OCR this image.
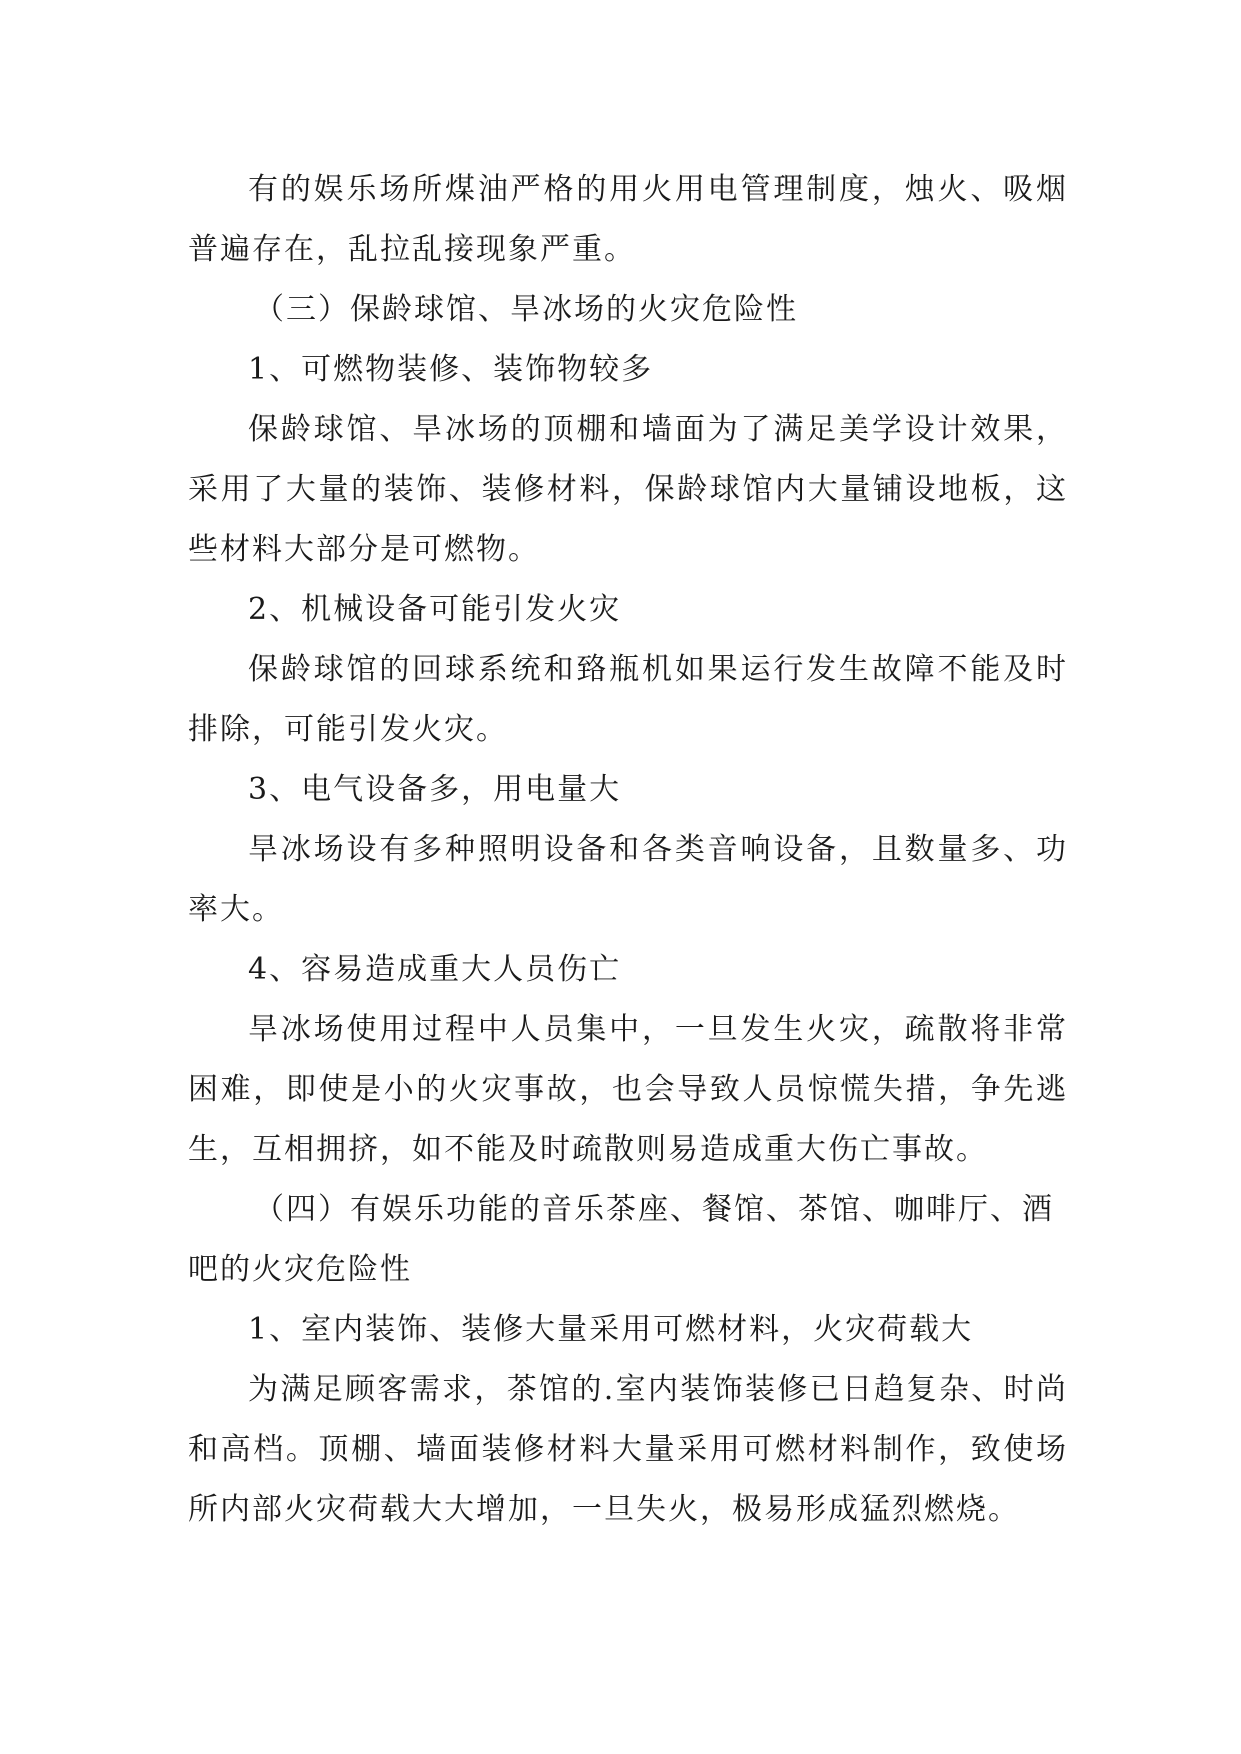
有的娱乐场所煤油严格的用火用电管理制度，烛火、吸烟普遍存在，乱拉乱接现象严重。

（三）保龄球馆、旱冰场的火灾危险性

1、可燃物装修、装饰物较多

保龄球馆、旱冰场的顶棚和墙面为了满足美学设计效果，采用了大量的装饰、装修材料，保龄球馆内大量铺设地板，这些材料大部分是可燃物。

2、机械设备可能引发火灾

保龄球馆的回球系统和臵瓶机如果运行发生故障不能及时排除，可能引发火灾。

3、电气设备多，用电量大

旱冰场设有多种照明设备和各类音响设备，且数量多、功率大。

4、容易造成重大人员伤亡

旱冰场使用过程中人员集中，一旦发生火灾，疏散将非常困难，即使是小的火灾事故，也会导致人员惊慌失措，争先逃生，互相拥挤，如不能及时疏散则易造成重大伤亡事故。

（四）有娱乐功能的音乐茶座、餐馆、茶馆、咖啡厅、酒吧的火灾危险性

1、室内装饰、装修大量采用可燃材料，火灾荷载大

为满足顾客需求，茶馆的.室内装饰装修已日趋复杂、时尚和高档。顶棚、墙面装修材料大量采用可燃材料制作，致使场所内部火灾荷载大大增加，一旦失火，极易形成猛烈燃烧。
